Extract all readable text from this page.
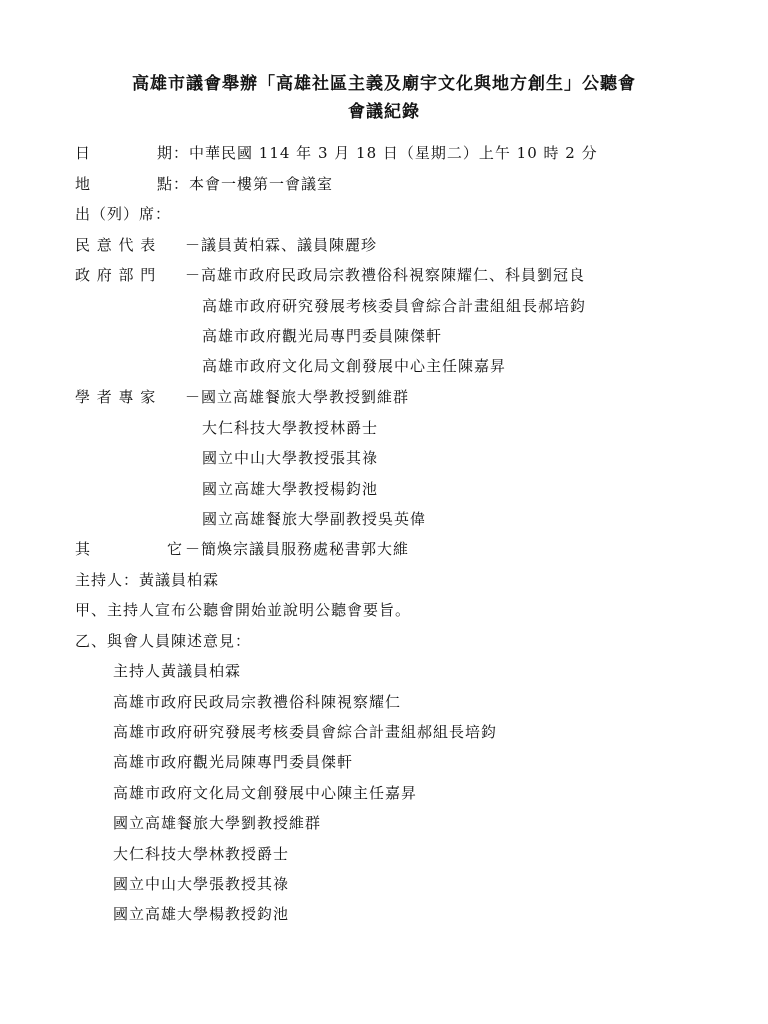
高雄市議會舉辦「高雄社區主義及廟宇文化與地方創生」公聽會
會議紀錄
日	期：中華民國 114 年 3 月 18 日（星期二）上午 10 時 2 分
地	點：本會一樓第一會議室
出（列）席：
民 意 代 表 －議員黃柏霖、議員陳麗珍
政 府 部 門 －高雄市政府民政局宗教禮俗科視察陳耀仁、科員劉冠良
高雄市政府研究發展考核委員會綜合計畫組組長郝培鈞
高雄市政府觀光局專門委員陳傑軒
高雄市政府文化局文創發展中心主任陳嘉昇
學 者 專 家 －國立高雄餐旅大學教授劉維群
大仁科技大學教授林爵士
國立中山大學教授張其祿
國立高雄大學教授楊鈞池
國立高雄餐旅大學副教授吳英偉
其	它 －簡煥宗議員服務處秘書郭大維
主持人：黃議員柏霖
甲、主持人宣布公聽會開始並說明公聽會要旨。
乙、與會人員陳述意見：
主持人黃議員柏霖
高雄市政府民政局宗教禮俗科陳視察耀仁
高雄市政府研究發展考核委員會綜合計畫組郝組長培鈞
高雄市政府觀光局陳專門委員傑軒
高雄市政府文化局文創發展中心陳主任嘉昇
國立高雄餐旅大學劉教授維群
大仁科技大學林教授爵士
國立中山大學張教授其祿
國立高雄大學楊教授鈞池
